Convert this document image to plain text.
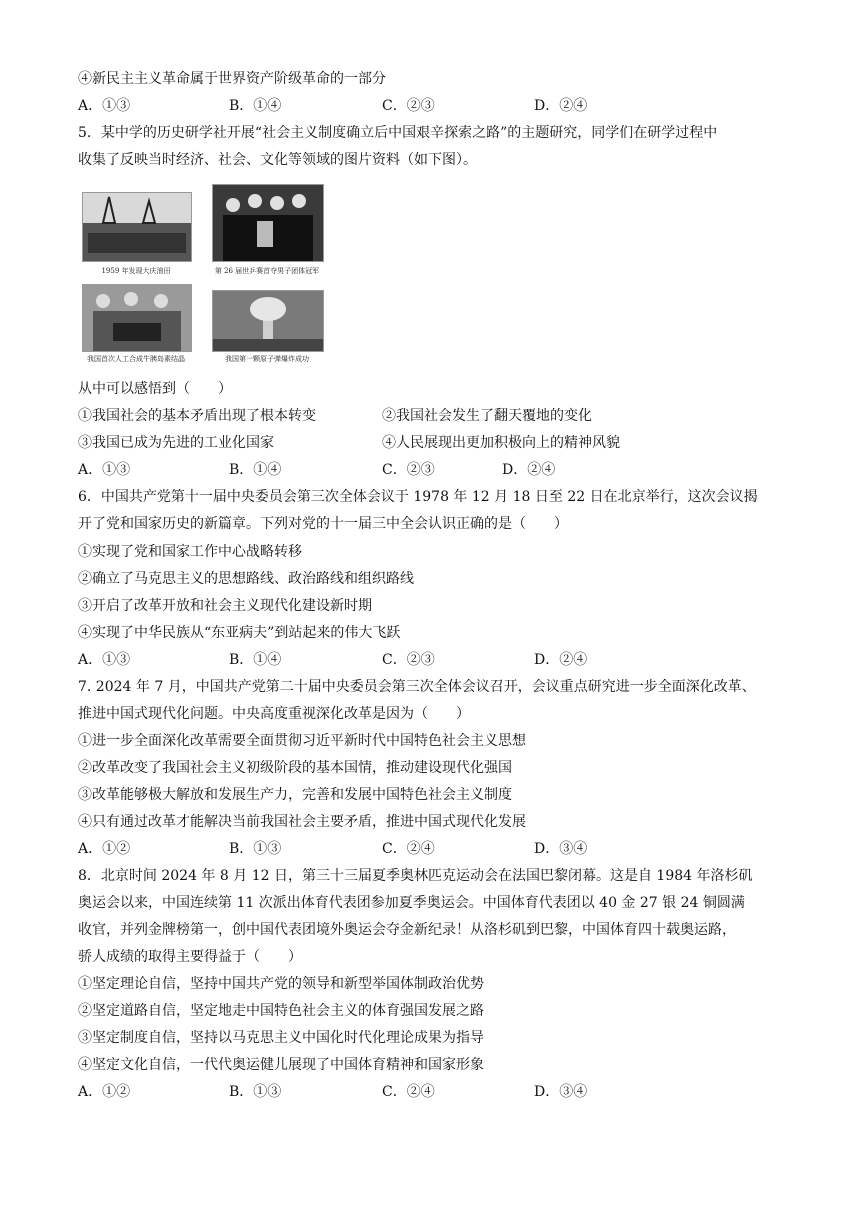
④新民主主义革命属于世界资产阶级革命的一部分
A．①③	B．①④	C．②③	D．②④
5．某中学的历史研学社开展“社会主义制度确立后中国艰辛探索之路”的主题研究，同学们在研学过程中
收集了反映当时经济、社会、文化等领域的图片资料（如下图）。
1959 年发现大庆油田	第 26 届世乒赛首夺男子团体冠军
我国首次人工合成牛胰岛素结晶	我国第一颗原子弹爆炸成功
从中可以感悟到（　　）
①我国社会的基本矛盾出现了根本转变	②我国社会发生了翻天覆地的变化
③我国已成为先进的工业化国家	④人民展现出更加积极向上的精神风貌
A．①③	B．①④	C．②③	D．②④
6．中国共产党第十一届中央委员会第三次全体会议于 1978 年 12 月 18 日至 22 日在北京举行，这次会议揭
开了党和国家历史的新篇章。下列对党的十一届三中全会认识正确的是（　　）
①实现了党和国家工作中心战略转移
②确立了马克思主义的思想路线、政治路线和组织路线
③开启了改革开放和社会主义现代化建设新时期
④实现了中华民族从“东亚病夫”到站起来的伟大飞跃
A．①③	B．①④	C．②③	D．②④
7. 2024 年 7 月，中国共产党第二十届中央委员会第三次全体会议召开，会议重点研究进一步全面深化改革、
推进中国式现代化问题。中央高度重视深化改革是因为（　　）
①进一步全面深化改革需要全面贯彻习近平新时代中国特色社会主义思想
②改革改变了我国社会主义初级阶段的基本国情，推动建设现代化强国
③改革能够极大解放和发展生产力，完善和发展中国特色社会主义制度
④只有通过改革才能解决当前我国社会主要矛盾，推进中国式现代化发展
A．①②	B．①③	C．②④	D．③④
8．北京时间 2024 年 8 月 12 日，第三十三届夏季奥林匹克运动会在法国巴黎闭幕。这是自 1984 年洛杉矶
奥运会以来，中国连续第 11 次派出体育代表团参加夏季奥运会。中国体育代表团以 40 金 27 银 24 铜圆满
收官，并列金牌榜第一，创中国代表团境外奥运会夺金新纪录！从洛杉矶到巴黎，中国体育四十载奥运路，
骄人成绩的取得主要得益于（　　）
①坚定理论自信，坚持中国共产党的领导和新型举国体制政治优势
②坚定道路自信，坚定地走中国特色社会主义的体育强国发展之路
③坚定制度自信，坚持以马克思主义中国化时代化理论成果为指导
④坚定文化自信，一代代奥运健儿展现了中国体育精神和国家形象
A．①②	B．①③	C．②④	D．③④
